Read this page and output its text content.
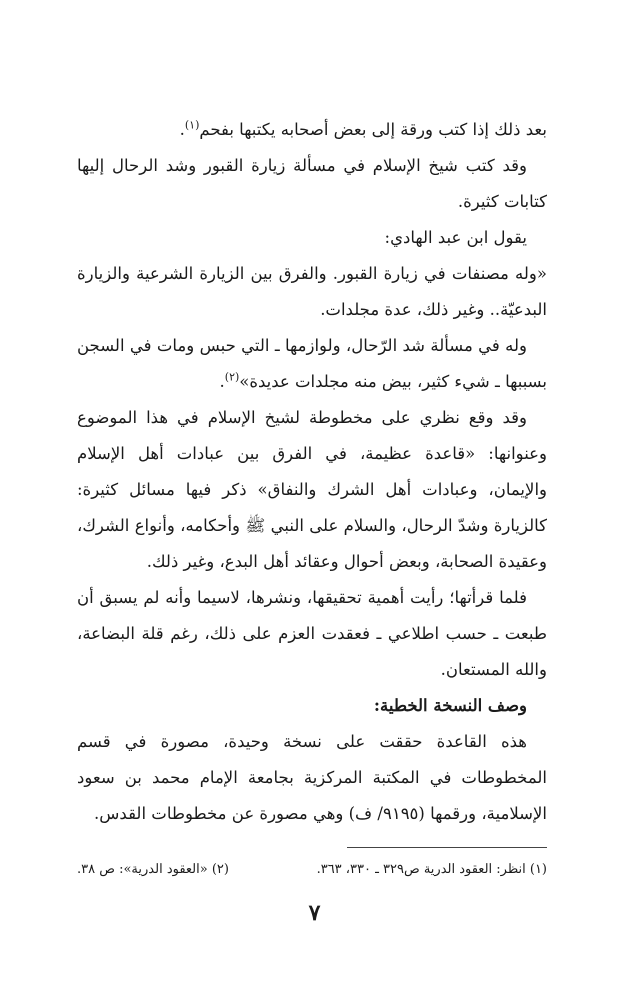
بعد ذلك إذا كتب ورقة إلى بعض أصحابه يكتبها بفحم$^{(١)}$.

وقد كتب شيخ الإسلام في مسألة زيارة القبور وشد الرحال إليها كتابات كثيرة.

يقول ابن عبد الهادي:

«وله مصنفات في زيارة القبور. والفرق بين الزيارة الشرعية والزيارة البدعيّة.. وغير ذلك، عدة مجلدات.

وله في مسألة شد الرّحال، ولوازمها ـ التي حبس ومات في السجن بسببها ـ شيء كثير، بيض منه مجلدات عديدة»$^{(٢)}$.

وقد وقع نظري على مخطوطة لشيخ الإسلام في هذا الموضوع وعنوانها: «قاعدة عظيمة، في الفرق بين عبادات أهل الإسلام والإيمان، وعبادات أهل الشرك والنفاق» ذكر فيها مسائل كثيرة: كالزيارة وشدّ الرحال، والسلام على النبي ﷺ وأحكامه، وأنواع الشرك، وعقيدة الصحابة، وبعض أحوال وعقائد أهل البدع، وغير ذلك.

فلما قرأتها؛ رأيت أهمية تحقيقها، ونشرها، لاسيما وأنه لم يسبق أن طبعت ـ حسب اطلاعي ـ فعقدت العزم على ذلك، رغم قلة البضاعة، والله المستعان.

وصف النسخة الخطية:

هذه القاعدة حققت على نسخة وحيدة، مصورة في قسم المخطوطات في المكتبة المركزية بجامعة الإمام محمد بن سعود الإسلامية، ورقمها (٩١٩٥/ ف) وهي مصورة عن مخطوطات القدس.

(١) انظر: العقود الدرية ص٣٢٩ ـ ٣٣٠، ٣٦٣.
(٢) «العقود الدرية»: ص ٣٨.
٧
